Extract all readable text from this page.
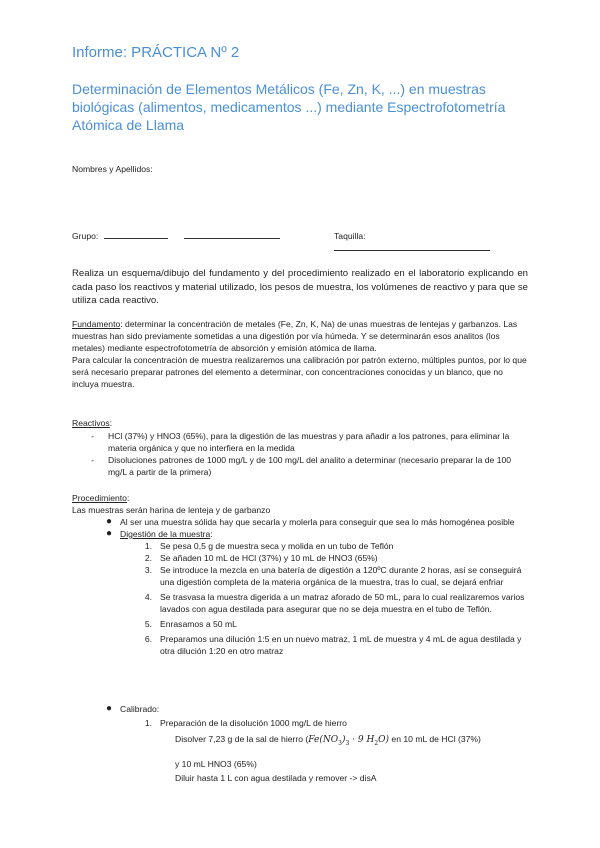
Informe: PRÁCTICA Nº 2
Determinación de Elementos Metálicos (Fe, Zn, K, ...) en muestras biológicas (alimentos, medicamentos ...) mediante Espectrofotometría Atómica de Llama
Nombres y Apellidos:
Grupo:	Taquilla:

Realiza un esquema/dibujo del fundamento y del procedimiento realizado en el laboratorio explicando en cada paso los reactivos y material utilizado, los pesos de muestra, los volúmenes de reactivo y para que se utiliza cada reactivo.

Fundamento: determinar la concentración de metales (Fe, Zn, K, Na) de unas muestras de lentejas y garbanzos. Las muestras han sido previamente sometidas a una digestión por vía húmeda. Y se determinarán esos analitos (los metales) mediante espectrofotometría de absorción y emisión atómica de llama.

Para calcular la concentración de muestra realizaremos una calibración por patrón externo, múltiples puntos, por lo que será necesario preparar patrones del elemento a determinar, con concentraciones conocidas y un blanco, que no incluya muestra.

Reactivos:

-	HCl (37%) y HNO3 (65%), para la digestión de las muestras y para añadir a los patrones, para eliminar la materia orgánica y que no interfiera en la medida
-	Disoluciones patrones de 1000 mg/L y de 100 mg/L del analito a determinar (necesario preparar la de 100 mg/L a partir de la primera)

Procedimiento:

Las muestras serán harina de lenteja y de garbanzo

● Al ser una muestra sólida hay que secarla y molerla para conseguir que sea lo más homogénea posible
● Digestión de la muestra:
1. Se pesa 0,5 g de muestra seca y molida en un tubo de Teflón
2. Se añaden 10 mL de HCl (37%) y 10 mL de HNO3 (65%)
3. Se introduce la mezcla en una batería de digestión a 120ºC durante 2 horas, así se conseguirá una digestión completa de la materia orgánica de la muestra, tras lo cual, se dejará enfriar
4. Se trasvasa la muestra digerida a un matraz aforado de 50 mL, para lo cual realizaremos varios lavados con agua destilada para asegurar que no se deja muestra en el tubo de Teflón.
5. Enrasamos a 50 mL
6. Preparamos una dilución 1:5 en un nuevo matraz, 1 mL de muestra y 4 mL de agua destilada y otra dilución 1:20 en otro matraz
● Calibrado:
1. Preparación de la disolución 1000 mg/L de hierro
Disolver 7,23 g de la sal de hierro ($Fe(NO_3)_3 \cdot 9$ $H_2O$) en 10 mL de HCl (37%)
y 10 mL HNO3 (65%)
Diluir hasta 1 L con agua destilada y remover -> disA
